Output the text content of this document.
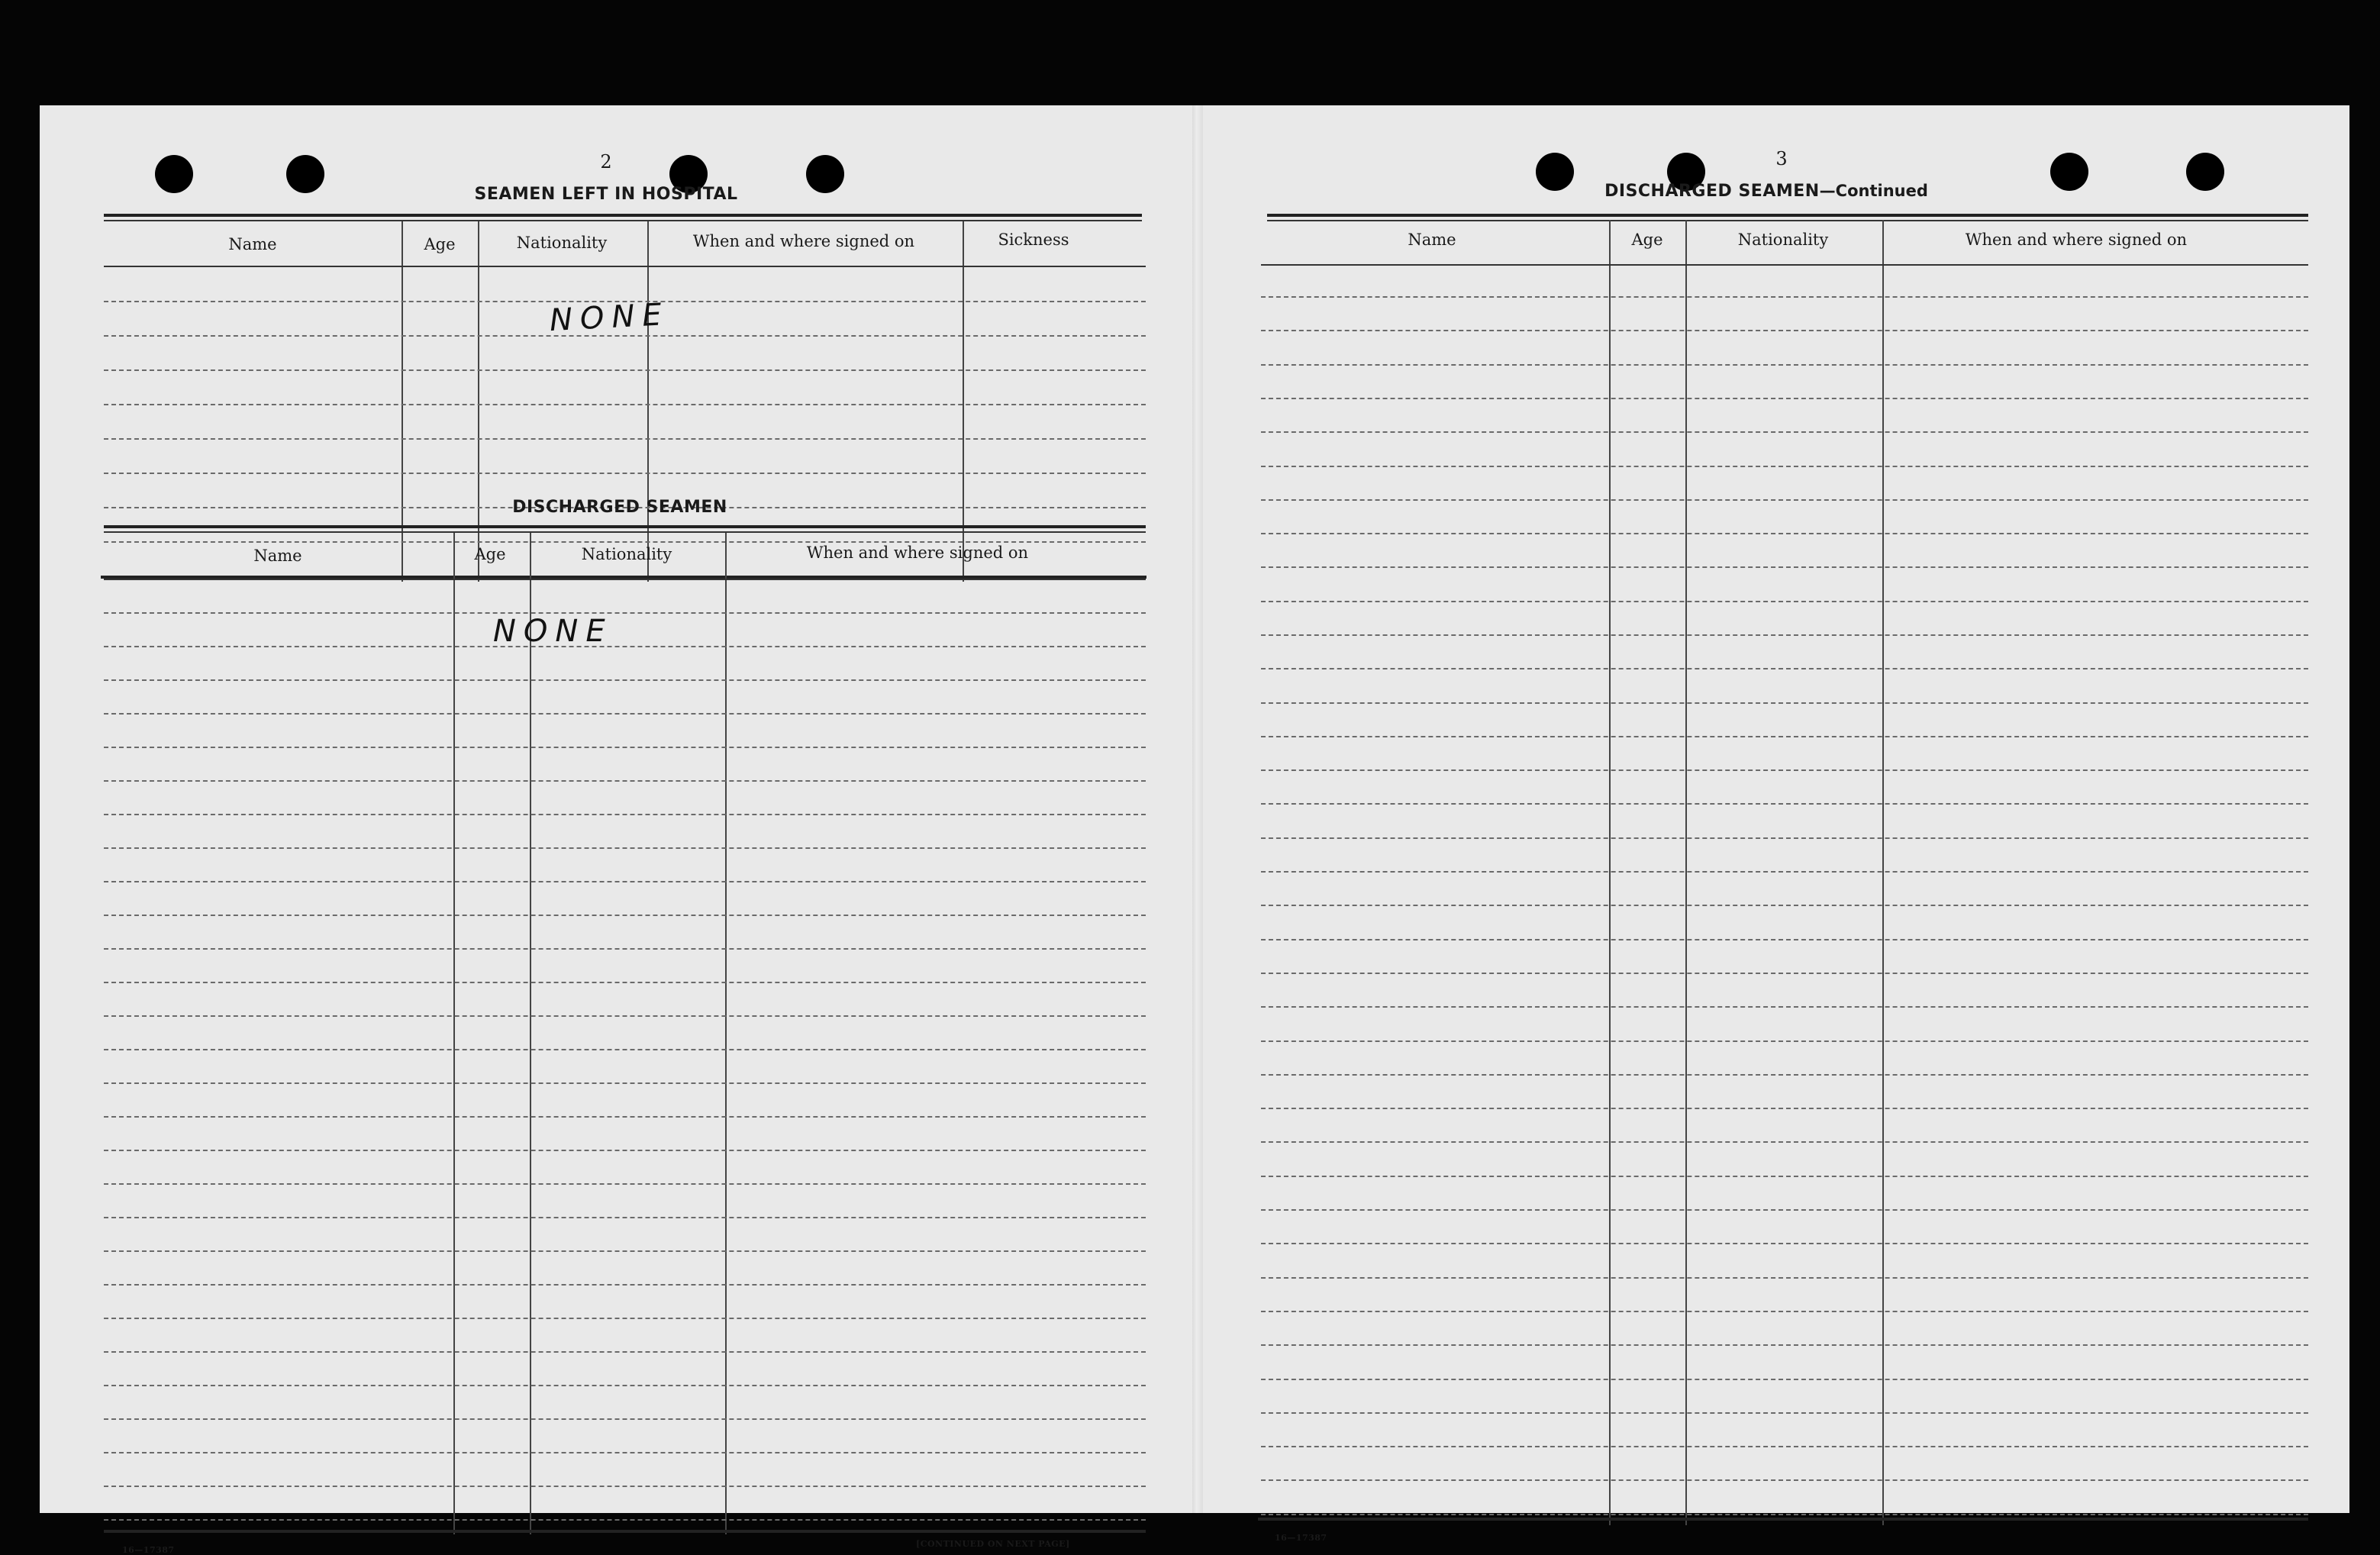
2
SEAMEN LEFT IN HOSPITAL
Name	Age	Nationality	When and where signed on	Sickness
NONE
DISCHARGED SEAMEN
Name	Age	Nationality	When and where signed on
NONE
16—17387
[CONTINUED ON NEXT PAGE]
3
DISCHARGED SEAMEN—Continued
Name	Age	Nationality	When and where signed on
16—17387
